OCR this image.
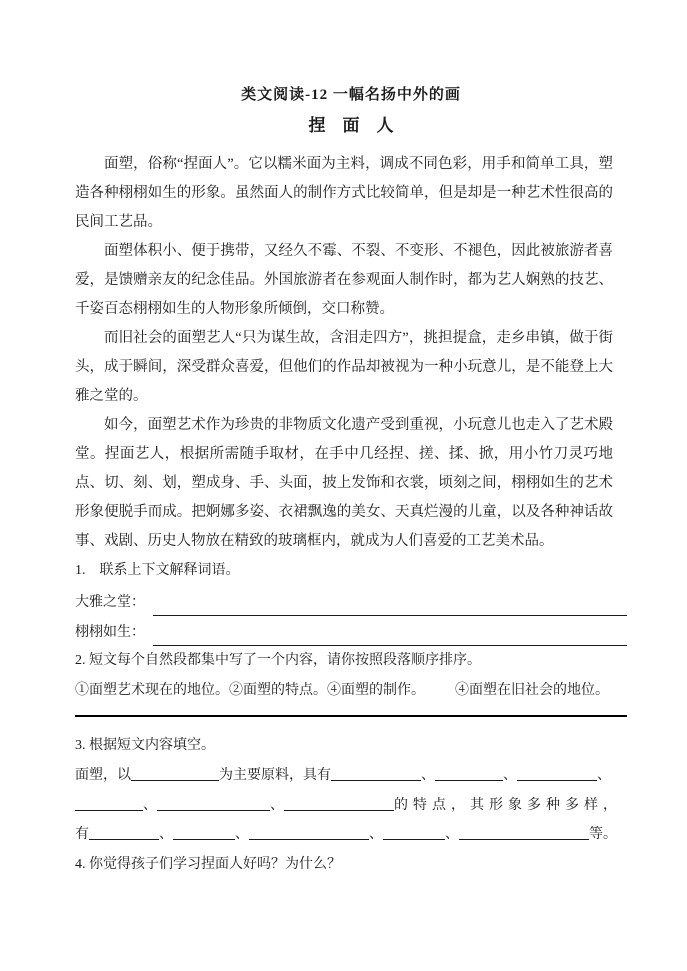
类文阅读-12 一幅名扬中外的画
捏　面　人

面塑，俗称“捏面人”。它以糯米面为主料，调成不同色彩，用手和简单工具，塑造各种栩栩如生的形象。虽然面人的制作方式比较简单，但是却是一种艺术性很高的民间工艺品。

面塑体积小、便于携带，又经久不霉、不裂、不变形、不褪色，因此被旅游者喜爱，是馈赠亲友的纪念佳品。外国旅游者在参观面人制作时，都为艺人娴熟的技艺、千姿百态栩栩如生的人物形象所倾倒，交口称赞。

而旧社会的面塑艺人“只为谋生故，含泪走四方”，挑担提盒，走乡串镇，做于街头，成于瞬间，深受群众喜爱，但他们的作品却被视为一种小玩意儿，是不能登上大雅之堂的。

如今，面塑艺术作为珍贵的非物质文化遗产受到重视，小玩意儿也走入了艺术殿堂。捏面艺人，根据所需随手取材，在手中几经捏、搓、揉、掀，用小竹刀灵巧地点、切、刻、划，塑成身、手、头面，披上发饰和衣裳，顷刻之间，栩栩如生的艺术形象便脱手而成。把婀娜多姿、衣裙飘逸的美女、天真烂漫的儿童，以及各种神话故事、戏剧、历史人物放在精致的玻璃框内，就成为人们喜爱的工艺美术品。

1.　联系上下文解释词语。
大雅之堂：
栩栩如生：
2. 短文每个自然段都集中写了一个内容，请你按照段落顺序排序。
①面塑艺术现在的地位。②面塑的特点。④面塑的制作。 ④面塑在旧社会的地位。
3. 根据短文内容填空。
面塑，以	为主要原料，具有	、	、	、
、	、	的特点，其形象多种多样，
有	、	、	、	、	等。
4. 你觉得孩子们学习捏面人好吗？为什么？
